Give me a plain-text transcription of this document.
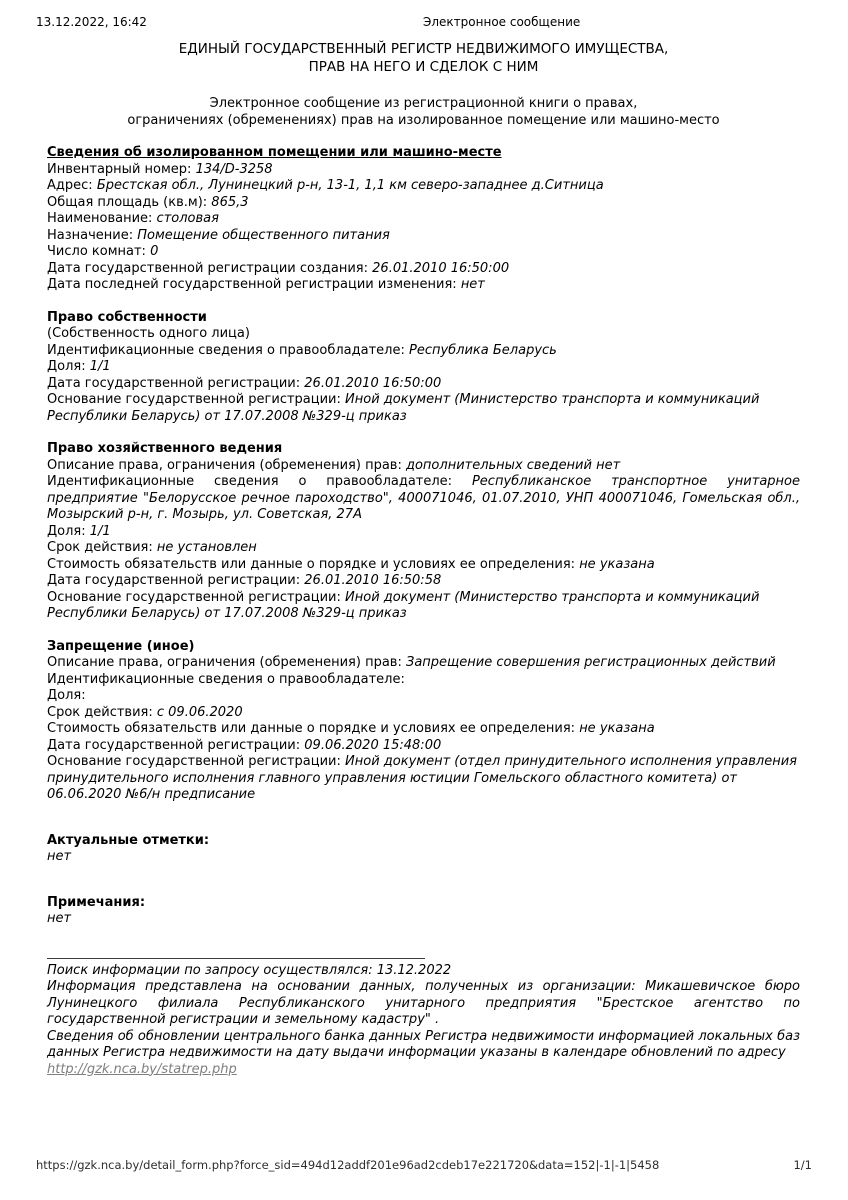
13.12.2022, 16:42	Электронное сообщение
ЕДИНЫЙ ГОСУДАРСТВЕННЫЙ РЕГИСТР НЕДВИЖИМОГО ИМУЩЕСТВА,
ПРАВ НА НЕГО И СДЕЛОК С НИМ
Электронное сообщение из регистрационной книги о правах,
ограничениях (обременениях) прав на изолированное помещение или машино-место
Сведения об изолированном помещении или машино-месте
Инвентарный номер: 134/D-3258
Адрес: Брестская обл., Лунинецкий р-н, 13-1, 1,1 км северо-западнее д.Ситница
Общая площадь (кв.м): 865,3
Наименование: столовая
Назначение: Помещение общественного питания
Число комнат: 0
Дата государственной регистрации создания: 26.01.2010 16:50:00
Дата последней государственной регистрации изменения: нет
Право собственности
(Собственность одного лица)
Идентификационные сведения о правообладателе: Республика Беларусь
Доля: 1/1
Дата государственной регистрации: 26.01.2010 16:50:00
Основание государственной регистрации: Иной документ (Министерство транспорта и коммуникаций Республики Беларусь) от 17.07.2008 №329-ц приказ
Право хозяйственного ведения
Описание права, ограничения (обременения) прав: дополнительных сведений нет
Идентификационные сведения о правообладателе: Республиканское транспортное унитарное предприятие "Белорусское речное пароходство", 400071046, 01.07.2010, УНП 400071046, Гомельская обл., Мозырский р-н, г. Мозырь, ул. Советская, 27А
Доля: 1/1
Срок действия: не установлен
Стоимость обязательств или данные о порядке и условиях ее определения: не указана
Дата государственной регистрации: 26.01.2010 16:50:58
Основание государственной регистрации: Иной документ (Министерство транспорта и коммуникаций Республики Беларусь) от 17.07.2008 №329-ц приказ
Запрещение (иное)
Описание права, ограничения (обременения) прав: Запрещение совершения регистрационных действий
Идентификационные сведения о правообладателе:
Доля:
Срок действия: с 09.06.2020
Стоимость обязательств или данные о порядке и условиях ее определения: не указана
Дата государственной регистрации: 09.06.2020 15:48:00
Основание государственной регистрации: Иной документ (отдел принудительного исполнения управления принудительного исполнения главного управления юстиции Гомельского областного комитета) от 06.06.2020 №6/н предписание
Актуальные отметки:
нет
Примечания:
нет
Поиск информации по запросу осуществлялся: 13.12.2022
Информация представлена на основании данных, полученных из организации: Микашевичское бюро Лунинецкого филиала Республиканского унитарного предприятия "Брестское агентство по государственной регистрации и земельному кадастру" .
Сведения об обновлении центрального банка данных Регистра недвижимости информацией локальных баз данных Регистра недвижимости на дату выдачи информации указаны в календаре обновлений по адресу
http://gzk.nca.by/statrep.php
https://gzk.nca.by/detail_form.php?force_sid=494d12addf201e96ad2cdeb17e221720&data=152|-1|-1|5458	1/1
